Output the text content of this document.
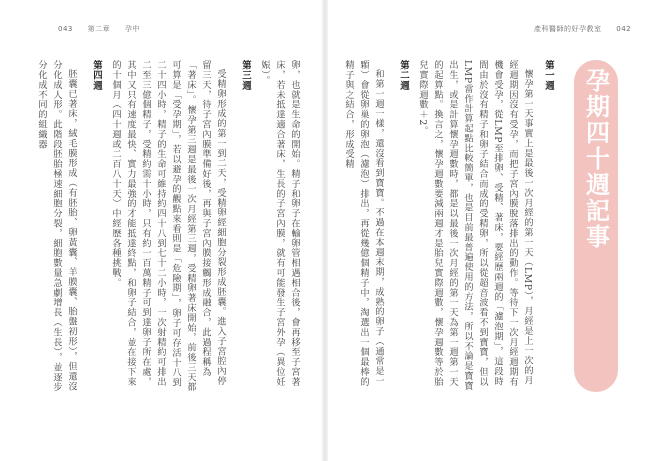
043 第二章 孕中	產科醫師的好孕教室 042
孕期四十週記事
第一週

懷孕第一天事實上是最後一次月經的第一天（LMP），月經是上一次的月經週期因沒有受孕，而把子宮內膜脫落排出的動作。等待下一次月經週期有機會受孕，從LMP至排卵、受精、著床，要經歷兩週的「濾泡期」，這段時間由於沒有精子和卵子結合而成的受精卵，所以從超音波看不到寶寶，但以LMP當作計算起點比較簡單，也是目前最普遍使用的方法，所以不論是寶寶出生，或是計算懷孕週數時，都是以最後一次月經的第一天為第一週第一天的起算點。換言之，懷孕週數要減兩週才是胎兒實際週數，懷孕週數等於胎兒實際週數＋2。

第二週

和第一週一樣，還沒看到寶寶。不過在本週末期，成熟的卵子（通常是一顆）會從卵巢的卵泡（濾泡）排出，再從幾億個精子中，淘選出一個最棒的精子與之結合，形成受精

卵，也就是生命的開始。精子和卵子在輸卵管相遇相合後，會再移至子宮著床，若未抵達適合著床，生長的子宮內膜，就有可能發生子宮外孕（異位妊娠）。

第三週

受精卵形成的第一到二天，受精卵經細胞分裂形成胚囊。進入子宮腔內停留三天，待子宮內膜準備好後，再與子宮內膜接觸形成融合，此過程稱為「著床」。懷孕第三週是最後一次月經第三週，受精卵著床開始，前後三天都可算是「受孕期」，若以避孕的觀點來看則是「危險期」，卵子可存活十八到二十四小時，精子的生命可維持約四十八到七十二小時，一次射精約可排出二至三億個精子，受精約需十小時，只有約一百萬精子可到達卵子所在處，其中又只有速度最快、實力最強的才能抵達終點，和卵子結合，並在接下來的十個月（四十週或二百八十天）中經歷各種挑戰。

第四週

胚囊已著床，絨毛膜形成（有胚胎、卵黃囊、羊膜囊、胎盤初形），但還沒分化成人形。此階段胚胎極速細胞分裂，細胞數量急劇增長（生長），並逐步分化成不同的組織器
